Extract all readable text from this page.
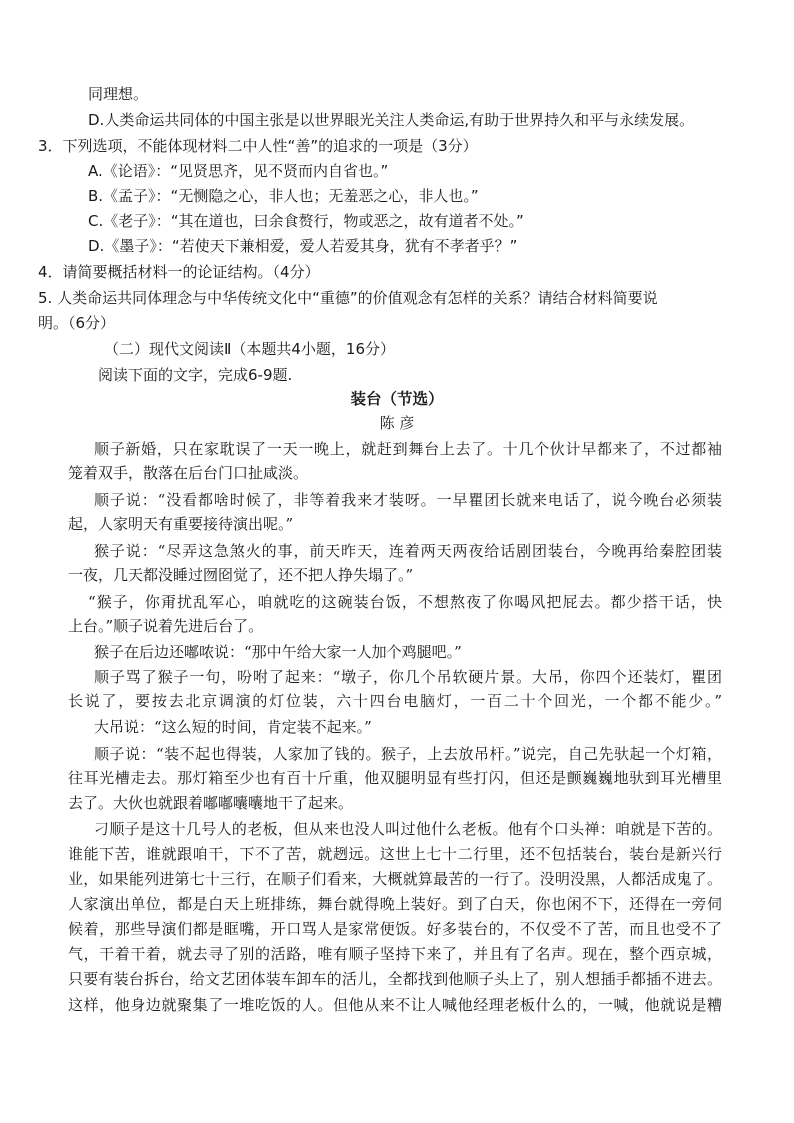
同理想。
D.人类命运共同体的中国主张是以世界眼光关注人类命运,有助于世界持久和平与永续发展。
3．下列选项，不能体现材料二中人性“善”的追求的一项是（3分）
A.《论语》：“见贤思齐，见不贤而内自省也。”
B.《孟子》：“无恻隐之心，非人也；无羞恶之心，非人也。”
C.《老子》：“其在道也，曰余食赘行，物或恶之，故有道者不处。”
D.《墨子》：“若使天下兼相爱，爱人若爱其身，犹有不孝者乎？”
4．请简要概括材料一的论证结构。（4分）
5. 人类命运共同体理念与中华传统文化中“重德”的价值观念有怎样的关系？请结合材料简要说
明。（6分）
（二）现代文阅读Ⅱ（本题共4小题，16分）
阅读下面的文字，完成6-9题.
装台（节选）
陈 彦
顺子新婚，只在家耽误了一天一晚上，就赶到舞台上去了。十几个伙计早都来了，不过都袖
笼着双手，散落在后台门口扯咸淡。
顺子说：“没看都啥时候了，非等着我来才装呀。一早瞿团长就来电话了，说今晚台必须装
起，人家明天有重要接待演出呢。”
猴子说：“尽弄这急煞火的事，前天昨天，连着两天两夜给话剧团装台，今晚再给秦腔团装
一夜，几天都没睡过囫囵觉了，还不把人挣失塌了。”
“猴子，你甭扰乱军心，咱就吃的这碗装台饭，不想熬夜了你喝风把屁去。都少搭干话，快
上台。”顺子说着先进后台了。
猴子在后边还嘟哝说：“那中午给大家一人加个鸡腿吧。”
顺子骂了猴子一句，吩咐了起来：“墩子，你几个吊软硬片景。大吊，你四个还装灯，瞿团
长说了，要按去北京调演的灯位装，六十四台电脑灯，一百二十个回光，一个都不能少。”
大吊说：“这么短的时间，肯定装不起来。”
顺子说：“装不起也得装，人家加了钱的。猴子，上去放吊杆。”说完，自己先驮起一个灯箱，
往耳光槽走去。那灯箱至少也有百十斤重，他双腿明显有些打闪，但还是颤巍巍地驮到耳光槽里
去了。大伙也就跟着嘟嘟囔囔地干了起来。
刁顺子是这十几号人的老板，但从来也没人叫过他什么老板。他有个口头禅：咱就是下苦的。
谁能下苦，谁就跟咱干，下不了苦，就趔远。这世上七十二行里，还不包括装台，装台是新兴行
业，如果能列进第七十三行，在顺子们看来，大概就算最苦的一行了。没明没黑，人都活成鬼了。
人家演出单位，都是白天上班排练，舞台就得晚上装好。到了白天，你也闲不下，还得在一旁伺
候着，那些导演们都是眶嘴，开口骂人是家常便饭。好多装台的，不仅受不了苦，而且也受不了
气，干着干着，就去寻了别的活路，唯有顺子坚持下来了，并且有了名声。现在，整个西京城，
只要有装台拆台，给文艺团体装车卸车的活儿，全都找到他顺子头上了，别人想插手都插不进去。
这样，他身边就聚集了一堆吃饭的人。但他从来不让人喊他经理老板什么的，一喊，他就说是糟
